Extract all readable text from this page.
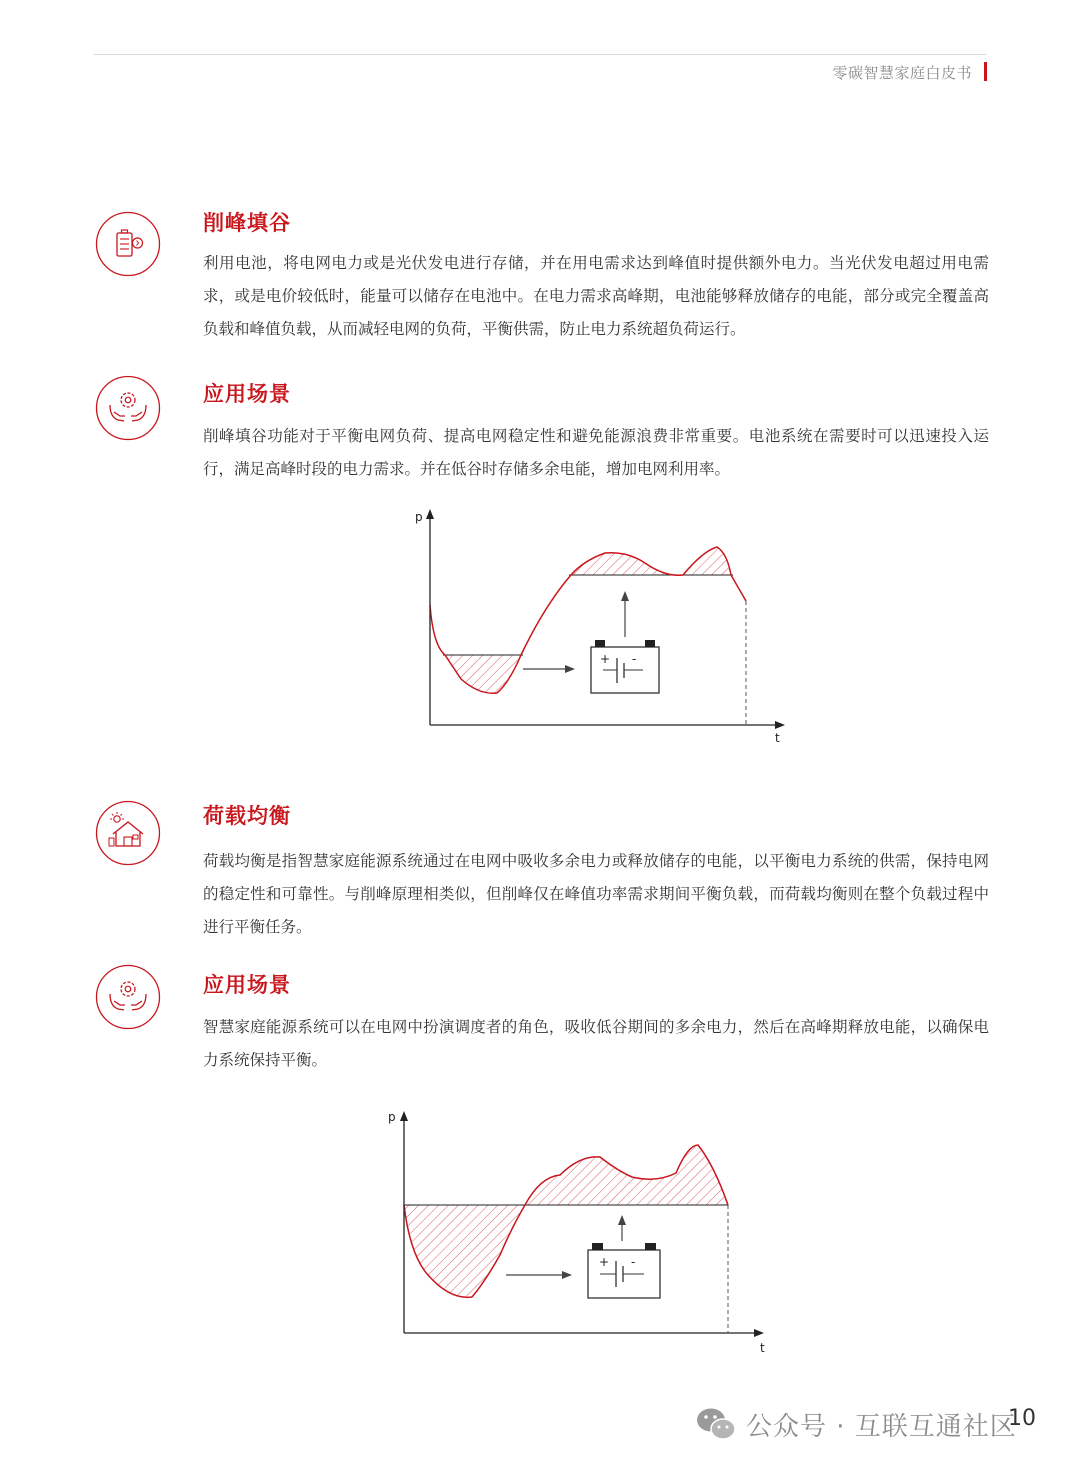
零碳智慧家庭白皮书
削峰填谷
利用电池，将电网电力或是光伏发电进行存储，并在用电需求达到峰值时提供额外电力。当光伏发电超过用电需求，或是电价较低时，能量可以储存在电池中。在电力需求高峰期，电池能够释放储存的电能，部分或完全覆盖高负载和峰值负载，从而减轻电网的负荷，平衡供需，防止电力系统超负荷运行。
应用场景
削峰填谷功能对于平衡电网负荷、提高电网稳定性和避免能源浪费非常重要。电池系统在需要时可以迅速投入运行，满足高峰时段的电力需求。并在低谷时存储多余电能，增加电网利用率。
+ -
p
t
荷载均衡
荷载均衡是指智慧家庭能源系统通过在电网中吸收多余电力或释放储存的电能，以平衡电力系统的供需，保持电网的稳定性和可靠性。与削峰原理相类似，但削峰仅在峰值功率需求期间平衡负载，而荷载均衡则在整个负载过程中进行平衡任务。
应用场景
智慧家庭能源系统可以在电网中扮演调度者的角色，吸收低谷期间的多余电力，然后在高峰期释放电能，以确保电力系统保持平衡。
+ -
p
t
公众号 · 互联互通社区
10
